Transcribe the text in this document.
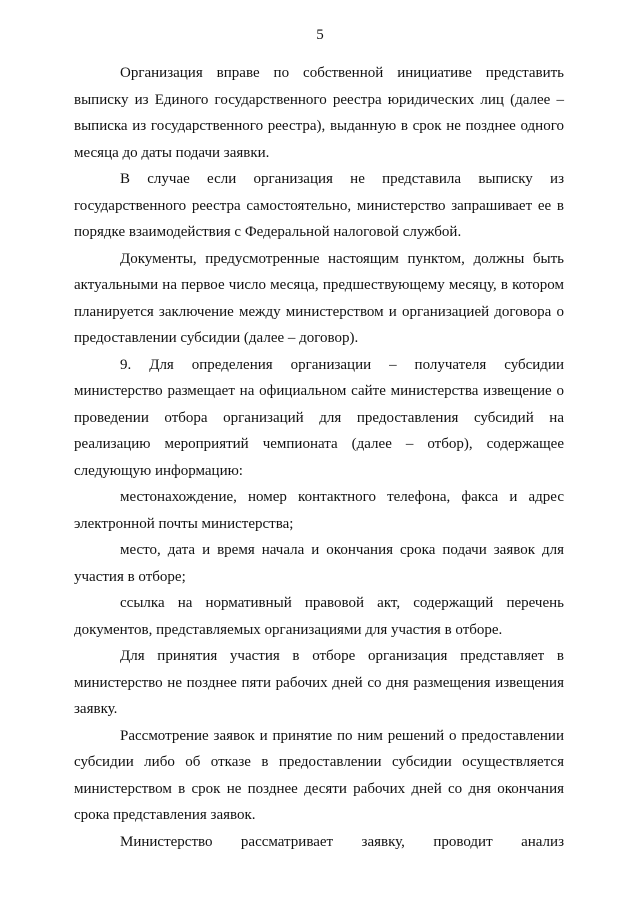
5

Организация вправе по собственной инициативе представить выписку из Единого государственного реестра юридических лиц (далее – выписка из государственного реестра), выданную в срок не позднее одного месяца до даты подачи заявки.

В случае если организация не представила выписку из государственного реестра самостоятельно, министерство запрашивает ее в порядке взаимодействия с Федеральной налоговой службой.

Документы, предусмотренные настоящим пунктом, должны быть актуальными на первое число месяца, предшествующему месяцу, в котором планируется заключение между министерством и организацией договора о предоставлении субсидии (далее – договор).

9. Для определения организации – получателя субсидии министерство размещает на официальном сайте министерства извещение о проведении отбора организаций для предоставления субсидий на реализацию мероприятий чемпионата (далее – отбор), содержащее следующую информацию:

местонахождение, номер контактного телефона, факса и адрес электронной почты министерства;

место, дата и время начала и окончания срока подачи заявок для участия в отборе;

ссылка на нормативный правовой акт, содержащий перечень документов, представляемых организациями для участия в отборе.

Для принятия участия в отборе организация представляет в министерство не позднее пяти рабочих дней со дня размещения извещения заявку.

Рассмотрение заявок и принятие по ним решений о предоставлении субсидии либо об отказе в предоставлении субсидии осуществляется министерством в срок не позднее десяти рабочих дней со дня окончания срока представления заявок.

Министерство рассматривает заявку, проводит анализ
